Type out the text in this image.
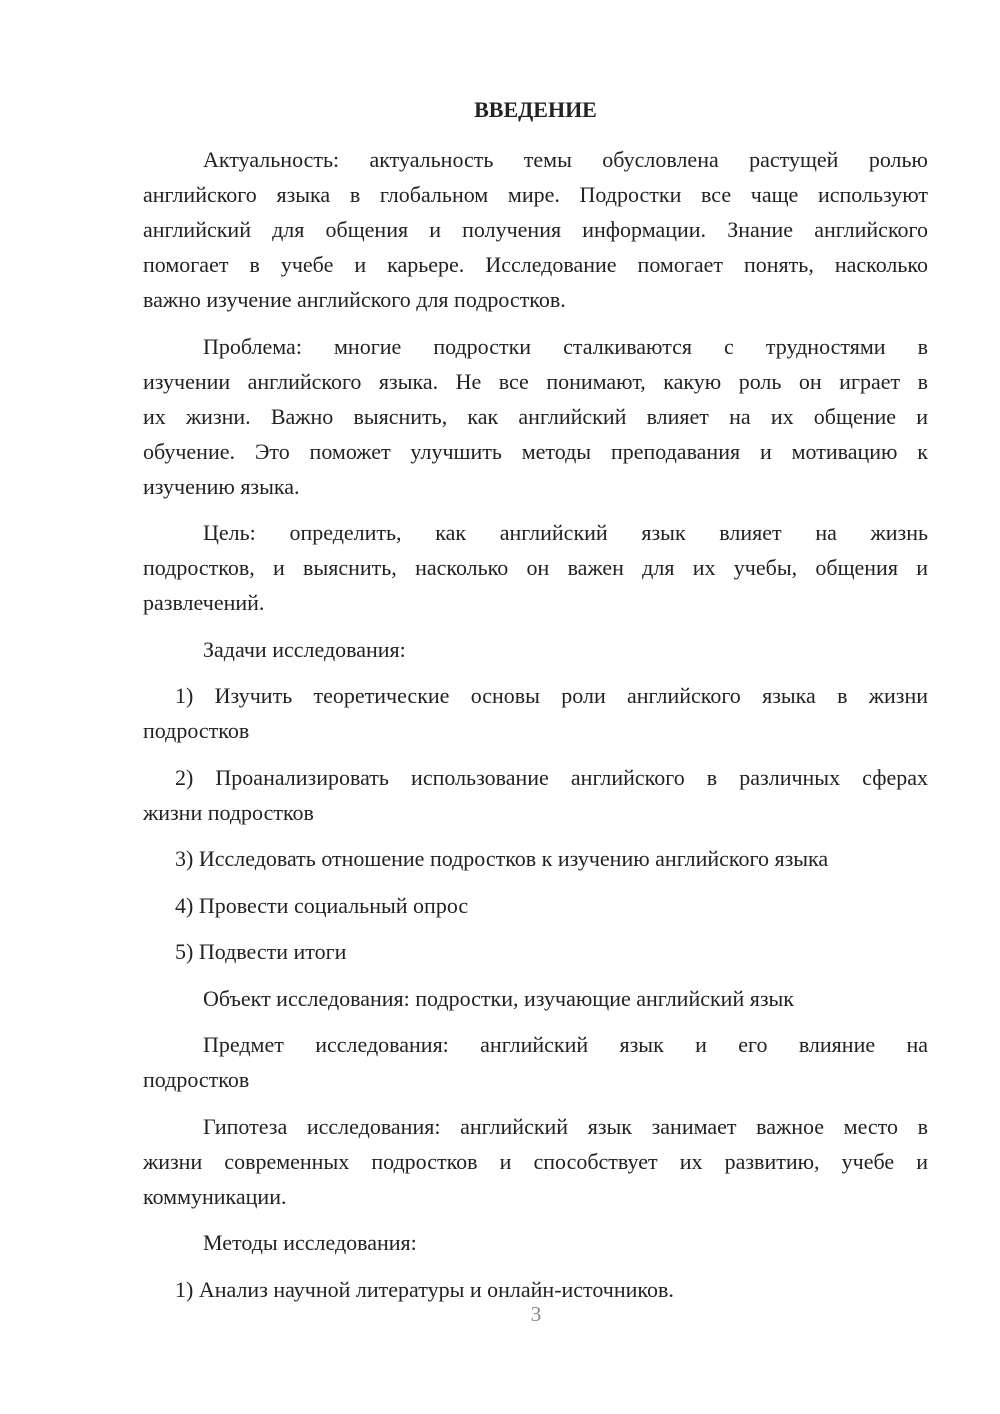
ВВЕДЕНИЕ
Актуальность: актуальность темы обусловлена растущей ролью
английского языка в глобальном мире. Подростки все чаще используют
английский для общения и получения информации. Знание английского
помогает в учебе и карьере. Исследование помогает понять, насколько
важно изучение английского для подростков.
Проблема: многие подростки сталкиваются с трудностями в
изучении английского языка. Не все понимают, какую роль он играет в
их жизни. Важно выяснить, как английский влияет на их общение и
обучение. Это поможет улучшить методы преподавания и мотивацию к
изучению языка.
Цель: определить, как английский язык влияет на жизнь
подростков, и выяснить, насколько он важен для их учебы, общения и
развлечений.
Задачи исследования:
1) Изучить теоретические основы роли английского языка в жизни
подростков
2) Проанализировать использование английского в различных сферах
жизни подростков
3) Исследовать отношение подростков к изучению английского языка
4) Провести социальный опрос
5) Подвести итоги
Объект исследования: подростки, изучающие английский язык
Предмет исследования: английский язык и его влияние на
подростков
Гипотеза исследования: английский язык занимает важное место в
жизни современных подростков и способствует их развитию, учебе и
коммуникации.
Методы исследования:
1) Анализ научной литературы и онлайн-источников.
3
